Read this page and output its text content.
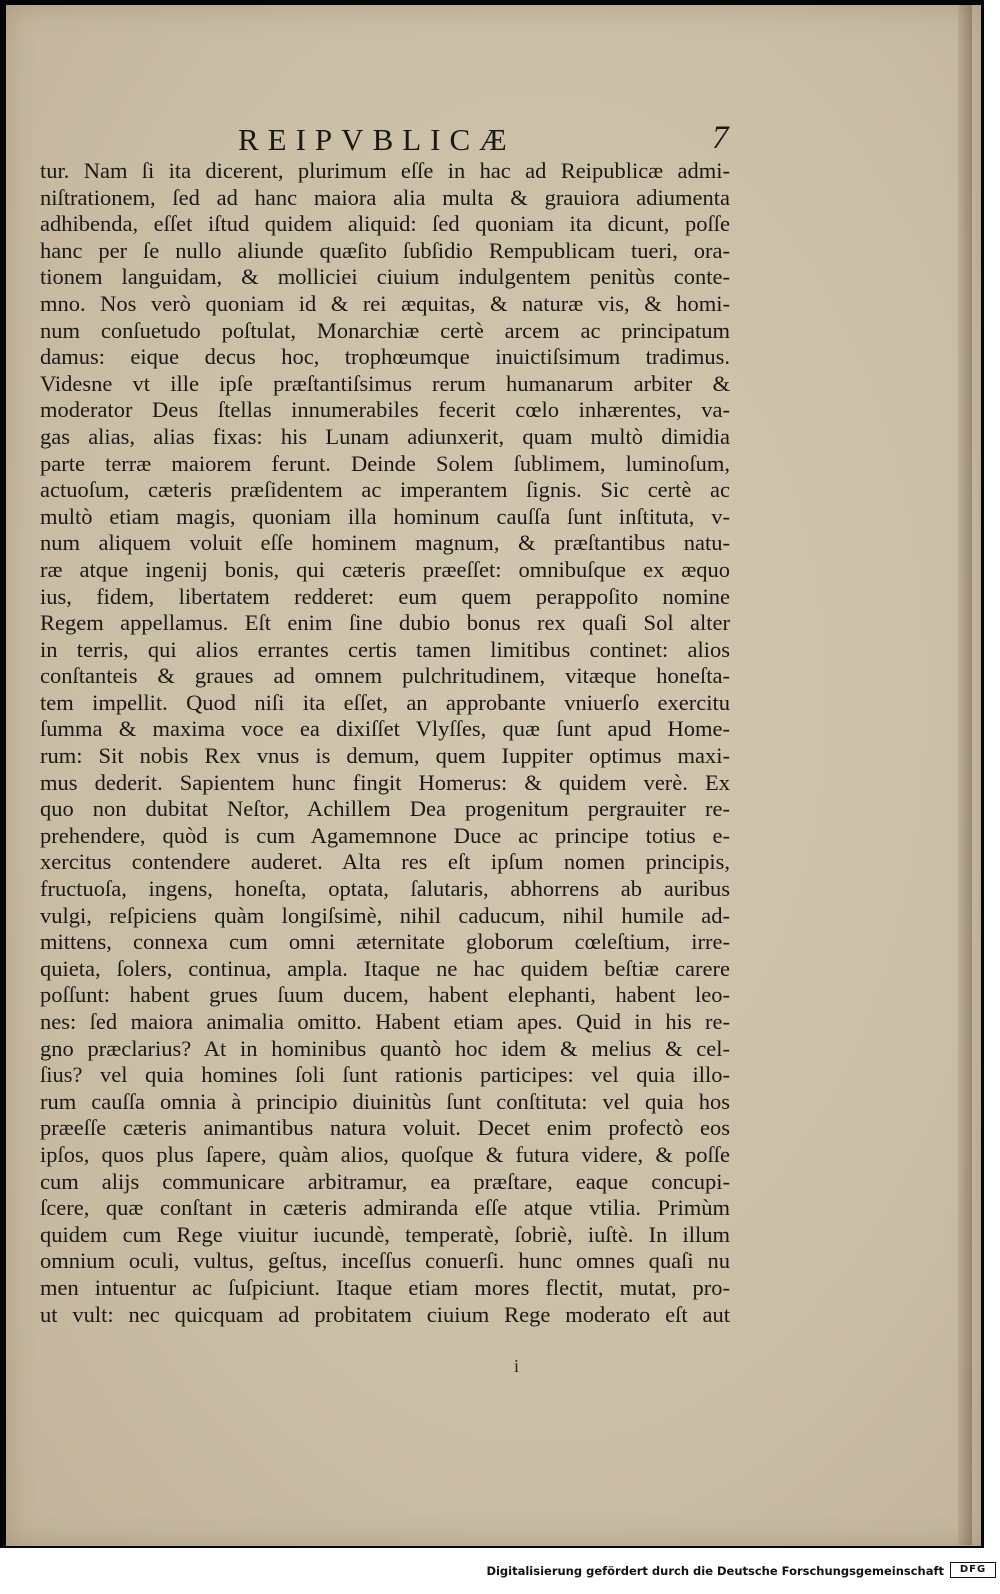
REIPVBLICÆ	7
tur. Nam ſi ita dicerent, plurimum eſſe in hac ad Reipublicæ admi-
niſtrationem, ſed ad hanc maiora alia multa & grauiora adiumenta
adhibenda, eſſet iſtud quidem aliquid: ſed quoniam ita dicunt, poſſe
hanc per ſe nullo aliunde quæſito ſubſidio Rempublicam tueri, ora-
tionem languidam, & molliciei ciuium indulgentem penitùs conte-
mno. Nos verò quoniam id & rei æquitas, & naturæ vis, & homi-
num conſuetudo poſtulat, Monarchiæ certè arcem ac principatum
damus: eique decus hoc, trophœumque inuictiſsimum tradimus.
Videsne vt ille ipſe præſtantiſsimus rerum humanarum arbiter &
moderator Deus ſtellas innumerabiles fecerit cœlo inhærentes, va-
gas alias, alias fixas: his Lunam adiunxerit, quam multò dimidia
parte terræ maiorem ferunt. Deinde Solem ſublimem, luminoſum,
actuoſum, cæteris præſidentem ac imperantem ſignis. Sic certè ac
multò etiam magis, quoniam illa hominum cauſſa ſunt inſtituta, v-
num aliquem voluit eſſe hominem magnum, & præſtantibus natu-
ræ atque ingenij bonis, qui cæteris præeſſet: omnibuſque ex æquo
ius, fidem, libertatem redderet: eum quem perappoſito nomine
Regem appellamus. Eſt enim ſine dubio bonus rex quaſi Sol alter
in terris, qui alios errantes certis tamen limitibus continet: alios
conſtanteis & graues ad omnem pulchritudinem, vitæque honeſta-
tem impellit. Quod niſi ita eſſet, an approbante vniuerſo exercitu
ſumma & maxima voce ea dixiſſet Vlyſſes, quæ ſunt apud Home-
rum: Sit nobis Rex vnus is demum, quem Iuppiter optimus maxi-
mus dederit. Sapientem hunc fingit Homerus: & quidem verè. Ex
quo non dubitat Neſtor, Achillem Dea progenitum pergrauiter re-
prehendere, quòd is cum Agamemnone Duce ac principe totius e-
xercitus contendere auderet. Alta res eſt ipſum nomen principis,
fructuoſa, ingens, honeſta, optata, ſalutaris, abhorrens ab auribus
vulgi, reſpiciens quàm longiſsimè, nihil caducum, nihil humile ad-
mittens, connexa cum omni æternitate globorum cœleſtium, irre-
quieta, ſolers, continua, ampla. Itaque ne hac quidem beſtiæ carere
poſſunt: habent grues ſuum ducem, habent elephanti, habent leo-
nes: ſed maiora animalia omitto. Habent etiam apes. Quid in his re-
gno præclarius? At in hominibus quantò hoc idem & melius & cel-
ſius? vel quia homines ſoli ſunt rationis participes: vel quia illo-
rum cauſſa omnia à principio diuinitùs ſunt conſtituta: vel quia hos
præeſſe cæteris animantibus natura voluit. Decet enim profectò eos
ipſos, quos plus ſapere, quàm alios, quoſque & futura videre, & poſſe
cum alijs communicare arbitramur, ea præſtare, eaque concupi-
ſcere, quæ conſtant in cæteris admiranda eſſe atque vtilia. Primùm
quidem cum Rege viuitur iucundè, temperatè, ſobriè, iuſtè. In illum
omnium oculi, vultus, geſtus, inceſſus conuerſi. hunc omnes quaſi nu
men intuentur ac ſuſpiciunt. Itaque etiam mores flectit, mutat, pro-
ut vult: nec quicquam ad probitatem ciuium Rege moderato eſt aut
i
Digitalisierung gefördert durch die Deutsche Forschungsgemeinschaft	DFG
